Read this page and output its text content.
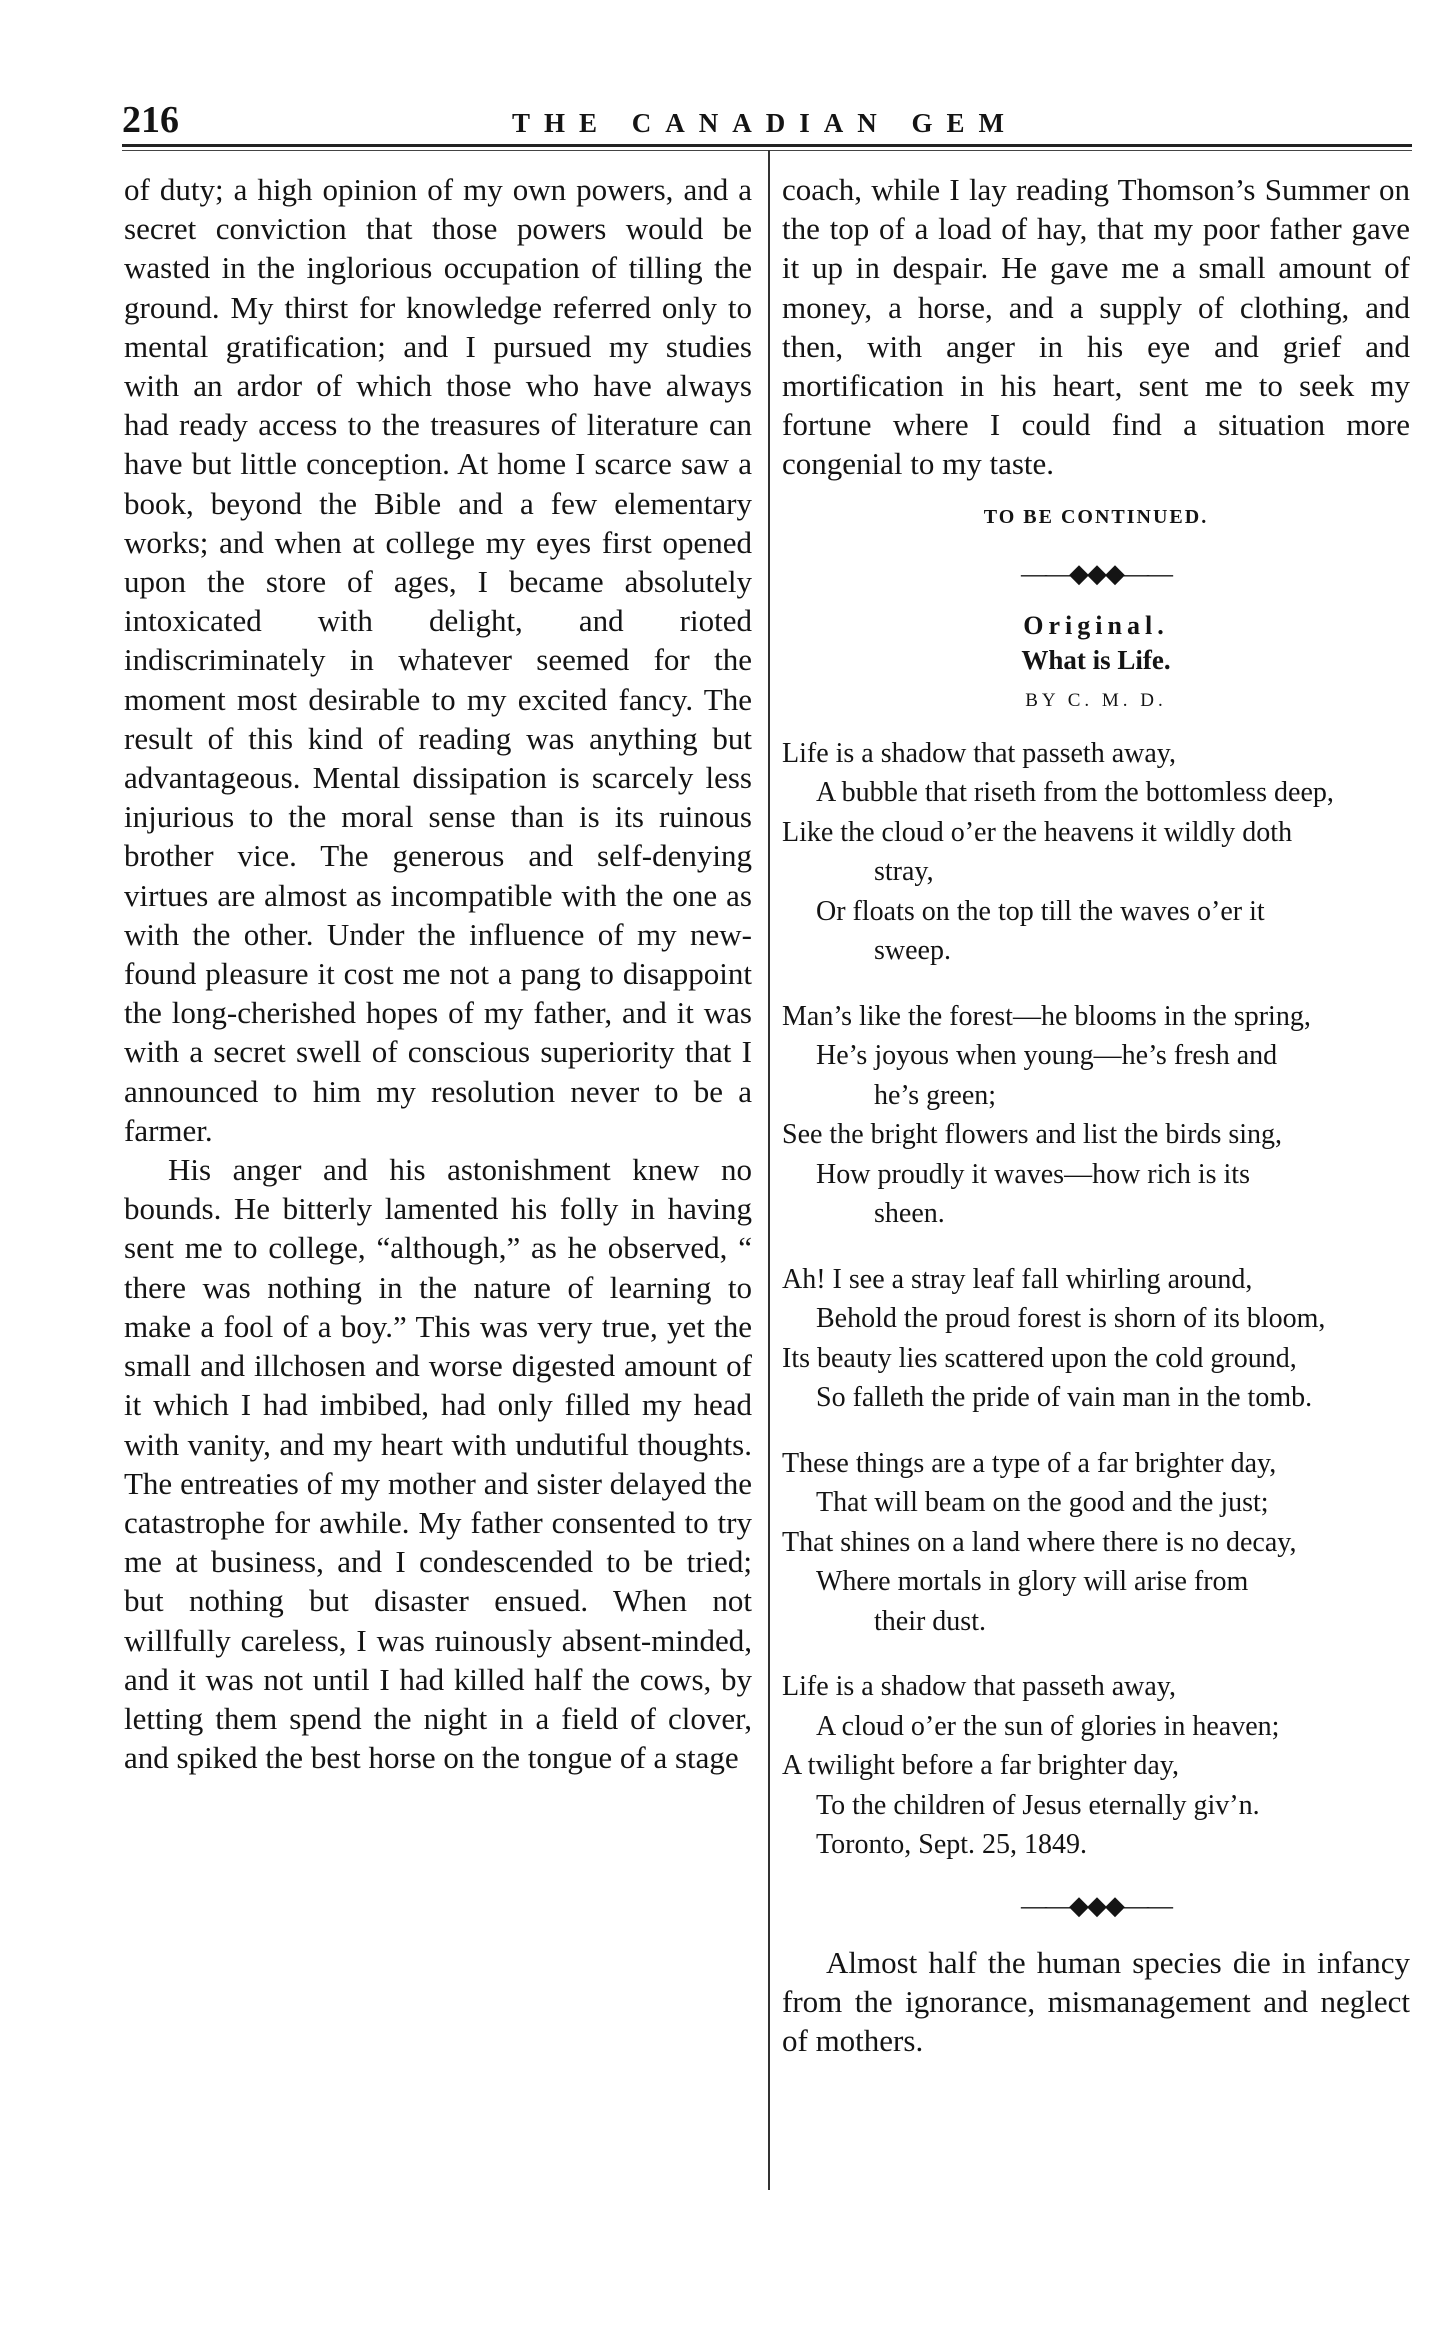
216	THE CANADIAN GEM

of duty; a high opinion of my own powers, and a secret conviction that those powers would be wasted in the inglorious occupation of tilling the ground. My thirst for knowledge referred only to mental gratification; and I pursued my studies with an ardor of which those who have always had ready access to the treasures of literature can have but little conception. At home I scarce saw a book, beyond the Bible and a few elementary works; and when at college my eyes first opened upon the store of ages, I became absolutely intoxicated with delight, and rioted indiscriminately in whatever seemed for the moment most desirable to my excited fancy. The result of this kind of reading was anything but advantageous. Mental dissipation is scarcely less injurious to the moral sense than is its ruinous brother vice. The generous and self-denying virtues are almost as incompatible with the one as with the other. Under the influence of my new-found pleasure it cost me not a pang to disappoint the long-cherished hopes of my father, and it was with a secret swell of conscious superiority that I announced to him my resolution never to be a farmer.

His anger and his astonishment knew no bounds. He bitterly lamented his folly in having sent me to college, “although,” as he observed, “ there was nothing in the nature of learning to make a fool of a boy.” This was very true, yet the small and illchosen and worse digested amount of it which I had imbibed, had only filled my head with vanity, and my heart with undutiful thoughts. The entreaties of my mother and sister delayed the catastrophe for awhile. My father consented to try me at business, and I condescended to be tried; but nothing but disaster ensued. When not willfully careless, I was ruinously absent-minded, and it was not until I had killed half the cows, by letting them spend the night in a field of clover, and spiked the best horse on the tongue of a stage

coach, while I lay reading Thomson’s Summer on the top of a load of hay, that my poor father gave it up in despair. He gave me a small amount of money, a horse, and a supply of clothing, and then, with anger in his eye and grief and mortification in his heart, sent me to seek my fortune where I could find a situation more congenial to my taste.

TO BE CONTINUED.
——◆◆◆——
Original.
What is Life.
BY C. M. D.
Life is a shadow that passeth away,
A bubble that riseth from the bottomless deep,
Like the cloud o’er the heavens it wildly doth
stray,
Or floats on the top till the waves o’er it
sweep.
Man’s like the forest—he blooms in the spring,
He’s joyous when young—he’s fresh and
he’s green;
See the bright flowers and list the birds sing,
How proudly it waves—how rich is its
sheen.
Ah! I see a stray leaf fall whirling around,
Behold the proud forest is shorn of its bloom,
Its beauty lies scattered upon the cold ground,
So falleth the pride of vain man in the tomb.
These things are a type of a far brighter day,
That will beam on the good and the just;
That shines on a land where there is no decay,
Where mortals in glory will arise from
their dust.
Life is a shadow that passeth away,
A cloud o’er the sun of glories in heaven;
A twilight before a far brighter day,
To the children of Jesus eternally giv’n.
Toronto, Sept. 25, 1849.
——◆◆◆——

Almost half the human species die in infancy from the ignorance, mismanagement and neglect of mothers.
